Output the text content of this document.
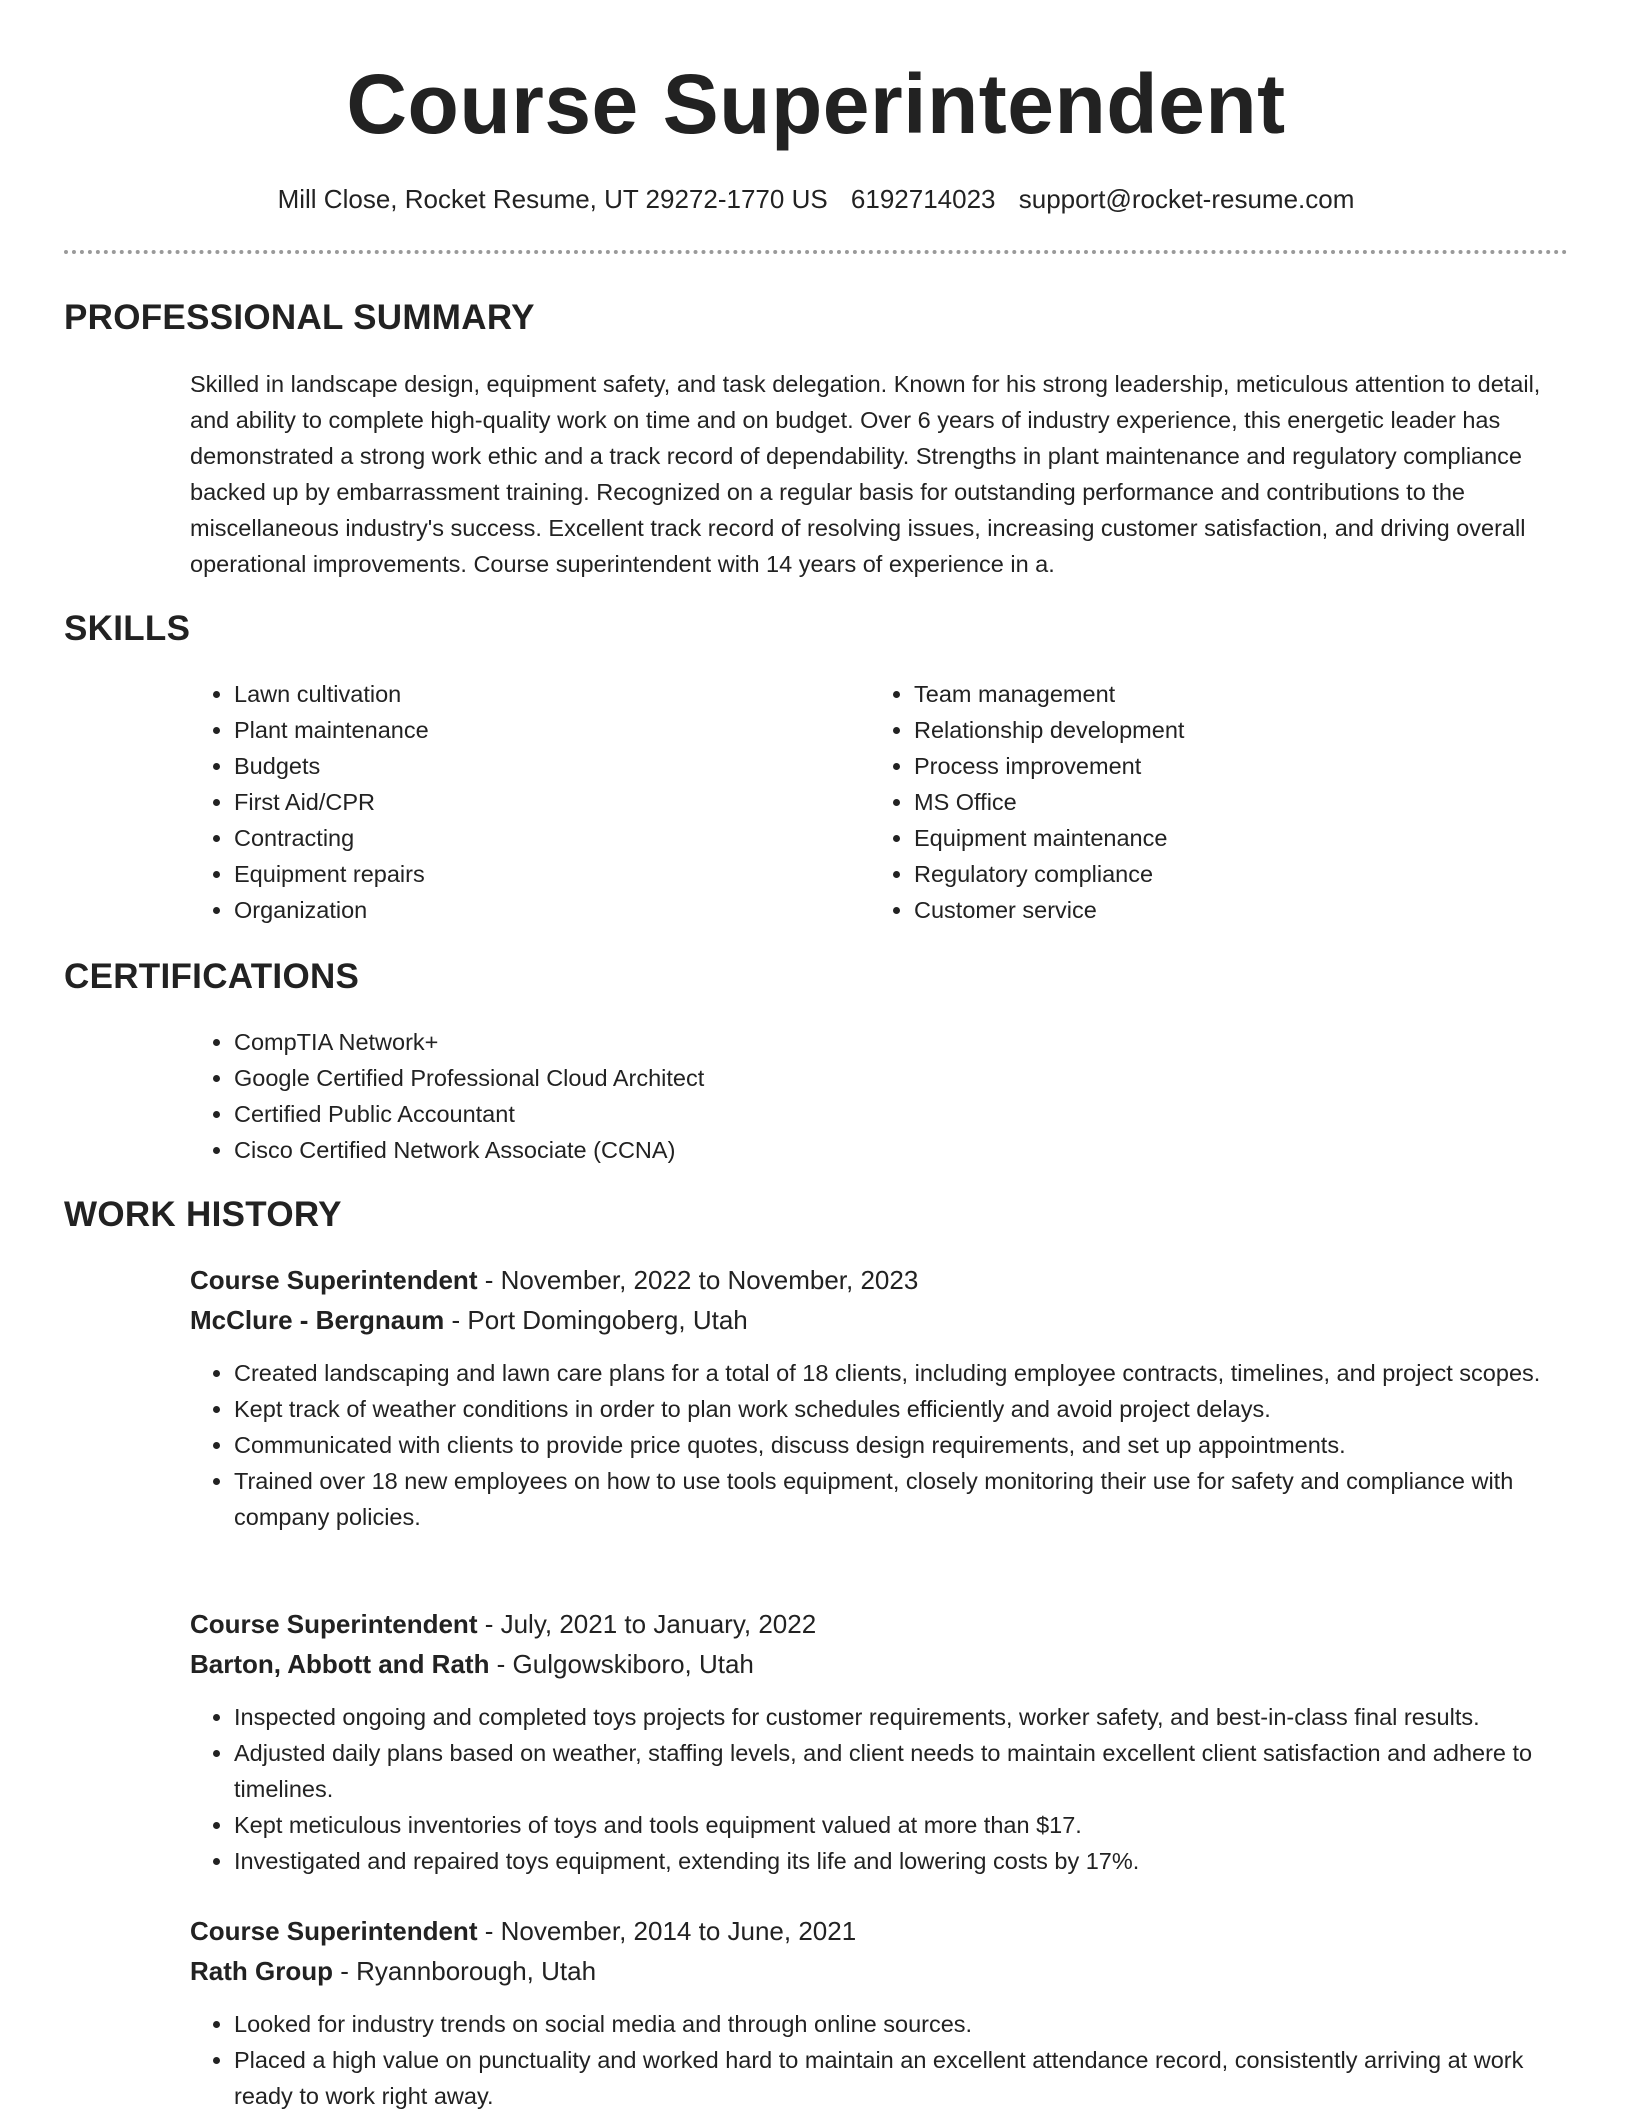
Course Superintendent
Mill Close, Rocket Resume, UT 29272-1770 US 6192714023 support@rocket-resume.com
PROFESSIONAL SUMMARY

Skilled in landscape design, equipment safety, and task delegation. Known for his strong leadership, meticulous attention to detail, and ability to complete high-quality work on time and on budget. Over 6 years of industry experience, this energetic leader has demonstrated a strong work ethic and a track record of dependability. Strengths in plant maintenance and regulatory compliance backed up by embarrassment training. Recognized on a regular basis for outstanding performance and contributions to the miscellaneous industry's success. Excellent track record of resolving issues, increasing customer satisfaction, and driving overall operational improvements. Course superintendent with 14 years of experience in a.

SKILLS
• Lawn cultivation
• Plant maintenance
• Budgets
• First Aid/CPR
• Contracting
• Equipment repairs
• Organization
• Team management
• Relationship development
• Process improvement
• MS Office
• Equipment maintenance
• Regulatory compliance
• Customer service
CERTIFICATIONS
• CompTIA Network+
• Google Certified Professional Cloud Architect
• Certified Public Accountant
• Cisco Certified Network Associate (CCNA)
WORK HISTORY
Course Superintendent - November, 2022 to November, 2023
McClure - Bergnaum - Port Domingoberg, Utah
• Created landscaping and lawn care plans for a total of 18 clients, including employee contracts, timelines, and project scopes.
• Kept track of weather conditions in order to plan work schedules efficiently and avoid project delays.
• Communicated with clients to provide price quotes, discuss design requirements, and set up appointments.
• Trained over 18 new employees on how to use tools equipment, closely monitoring their use for safety and compliance with company policies.
Course Superintendent - July, 2021 to January, 2022
Barton, Abbott and Rath - Gulgowskiboro, Utah
• Inspected ongoing and completed toys projects for customer requirements, worker safety, and best-in-class final results.
• Adjusted daily plans based on weather, staffing levels, and client needs to maintain excellent client satisfaction and adhere to timelines.
• Kept meticulous inventories of toys and tools equipment valued at more than $17.
• Investigated and repaired toys equipment, extending its life and lowering costs by 17%.
Course Superintendent - November, 2014 to June, 2021
Rath Group - Ryannborough, Utah
• Looked for industry trends on social media and through online sources.
• Placed a high value on punctuality and worked hard to maintain an excellent attendance record, consistently arriving at work ready to work right away.
